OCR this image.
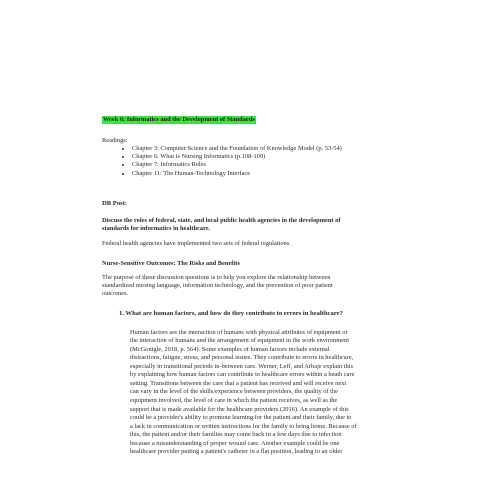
Week 6: Informatics and the Development of Standards
Readings:
• Chapter 3: Computer Science and the Foundation of Knowledge Model (p. 53-54)
• Chapter 6: What is Nursing Informatics (p.108-109)
• Chapter 7: Informatics Roles
• Chapter 11: The Human-Technology Interface
DB Post:
Discuss the roles of federal, state, and local public health agencies in the development of
standards for informatics in healthcare.
Federal health agencies have implemented two sets of federal regulations.
Nurse-Sensitive Outcomes: The Risks and Benefits
The purpose of these discussion questions is to help you explore the relationship between
standardized nursing language, information technology, and the prevention of poor patient
outcomes.
1. What are human factors, and how do they contribute to errors in healthcare?
Human factors are the interaction of humans with physical attributes of equipment or
the interaction of humans and the arrangement of equipment in the work environment
(McGonigle, 2018, p. 564). Some examples of human factors include external
distractions, fatigue, stress, and personal issues. They contribute to errors in healthcare,
especially in transitional periods in-between care. Werner, Leff, and Arbaje explain this
by explaining how human factors can contribute to healthcare errors within a heath care
setting. Transitions between the care that a patient has received and will receive next
can vary in the level of the skills/experience between providers, the quality of the
equipment involved, the level of care in which the patient receives, as well as the
support that is made available for the healthcare providers (2016). An example of this
could be a provider's ability to promote learning for the patient and their family, due to
a lack in communication or written instructions for the family to bring home. Because of
this, the patient and/or their families may come back in a few days due to infection
because a misunderstanding of proper wound care. Another example could be one
healthcare provider putting a patient's catheter in a flat position, leading to an older
